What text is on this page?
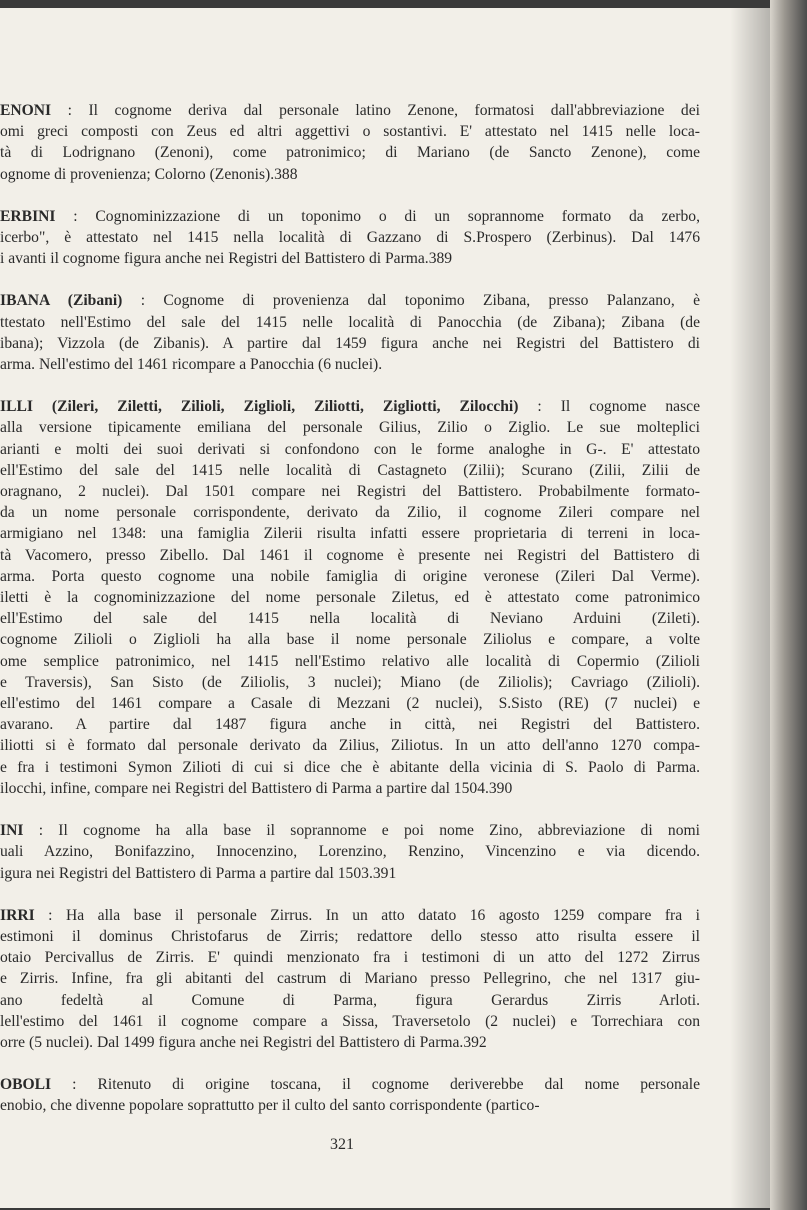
ENONI : Il cognome deriva dal personale latino Zenone, formatosi dall'abbreviazione dei
omi greci composti con Zeus ed altri aggettivi o sostantivi. E' attestato nel 1415 nelle loca-
tà di Lodrignano (Zenoni), come patronimico; di Mariano (de Sancto Zenone), come
ognome di provenienza; Colorno (Zenonis).388
ERBINI : Cognominizzazione di un toponimo o di un soprannome formato da zerbo,
icerbo", è attestato nel 1415 nella località di Gazzano di S.Prospero (Zerbinus). Dal 1476
i avanti il cognome figura anche nei Registri del Battistero di Parma.389
IBANA (Zibani) : Cognome di provenienza dal toponimo Zibana, presso Palanzano, è
ttestato nell'Estimo del sale del 1415 nelle località di Panocchia (de Zibana); Zibana (de
ibana); Vizzola (de Zibanis). A partire dal 1459 figura anche nei Registri del Battistero di
arma. Nell'estimo del 1461 ricompare a Panocchia (6 nuclei).
ILLI (Zileri, Ziletti, Zilioli, Ziglioli, Ziliotti, Zigliotti, Zilocchi) : Il cognome nasce
alla versione tipicamente emiliana del personale Gilius, Zilio o Ziglio. Le sue molteplici
arianti e molti dei suoi derivati si confondono con le forme analoghe in G-. E' attestato
ell'Estimo del sale del 1415 nelle località di Castagneto (Zilii); Scurano (Zilii, Zilii de
oragnano, 2 nuclei). Dal 1501 compare nei Registri del Battistero. Probabilmente formato-
da un nome personale corrispondente, derivato da Zilio, il cognome Zileri compare nel
armigiano nel 1348: una famiglia Zilerii risulta infatti essere proprietaria di terreni in loca-
tà Vacomero, presso Zibello. Dal 1461 il cognome è presente nei Registri del Battistero di
arma. Porta questo cognome una nobile famiglia di origine veronese (Zileri Dal Verme).
iletti è la cognominizzazione del nome personale Ziletus, ed è attestato come patronimico
ell'Estimo del sale del 1415 nella località di Neviano Arduini (Zileti).
cognome Zilioli o Ziglioli ha alla base il nome personale Ziliolus e compare, a volte
ome semplice patronimico, nel 1415 nell'Estimo relativo alle località di Copermio (Zilioli
e Traversis), San Sisto (de Ziliolis, 3 nuclei); Miano (de Ziliolis); Cavriago (Zilioli).
ell'estimo del 1461 compare a Casale di Mezzani (2 nuclei), S.Sisto (RE) (7 nuclei) e
avarano. A partire dal 1487 figura anche in città, nei Registri del Battistero.
iliotti si è formato dal personale derivato da Zilius, Ziliotus. In un atto dell'anno 1270 compa-
e fra i testimoni Symon Zilioti di cui si dice che è abitante della vicinia di S. Paolo di Parma.
ilocchi, infine, compare nei Registri del Battistero di Parma a partire dal 1504.390
INI : Il cognome ha alla base il soprannome e poi nome Zino, abbreviazione di nomi
uali Azzino, Bonifazzino, Innocenzino, Lorenzino, Renzino, Vincenzino e via dicendo.
igura nei Registri del Battistero di Parma a partire dal 1503.391
IRRI : Ha alla base il personale Zirrus. In un atto datato 16 agosto 1259 compare fra i
estimoni il dominus Christofarus de Zirris; redattore dello stesso atto risulta essere il
otaio Percivallus de Zirris. E' quindi menzionato fra i testimoni di un atto del 1272 Zirrus
e Zirris. Infine, fra gli abitanti del castrum di Mariano presso Pellegrino, che nel 1317 giu-
ano fedeltà al Comune di Parma, figura Gerardus Zirris Arloti.
lell'estimo del 1461 il cognome compare a Sissa, Traversetolo (2 nuclei) e Torrechiara con
orre (5 nuclei). Dal 1499 figura anche nei Registri del Battistero di Parma.392
OBOLI : Ritenuto di origine toscana, il cognome deriverebbe dal nome personale
enobio, che divenne popolare soprattutto per il culto del santo corrispondente (partico-
321
